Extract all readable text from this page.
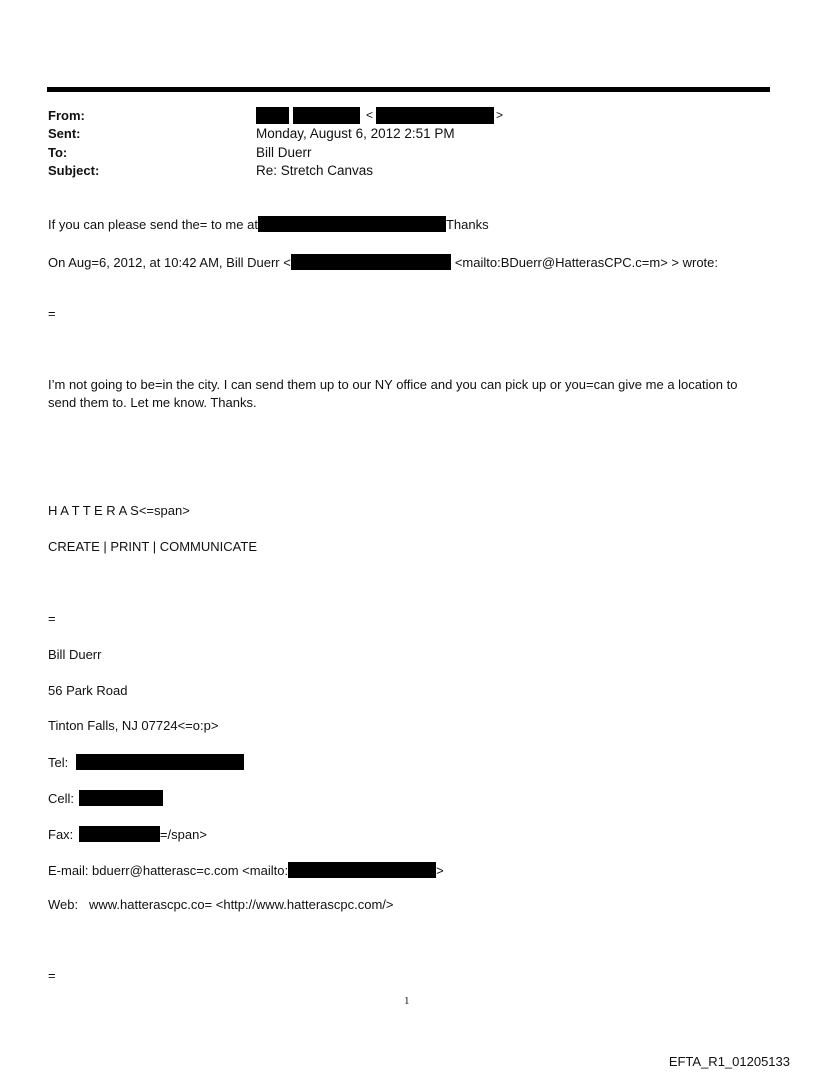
From:	<	>
Sent:	Monday, August 6, 2012 2:51 PM
To:	Bill Duerr
Subject:	Re: Stretch Canvas
If you can please send the= to me at	Thanks
On Aug=6, 2012, at 10:42 AM, Bill Duerr <	<mailto:BDuerr@HatterasCPC.c=m> > wrote:
=
I’m not going to be=in the city. I can send them up to our NY office and you can pick up or you=can give me a location to
send them to. Let me know. Thanks.
H A T T E R A S<=span>
CREATE | PRINT | COMMUNICATE
=
Bill Duerr
56 Park Road
Tinton Falls, NJ 07724<=o:p>
Tel:
Cell:
Fax:	=/span>
E-mail: bduerr@hatterasc=c.com <mailto:	>
Web:   www.hatterascpc.co= <http://www.hatterascpc.com/>
=
1
EFTA_R1_01205133
